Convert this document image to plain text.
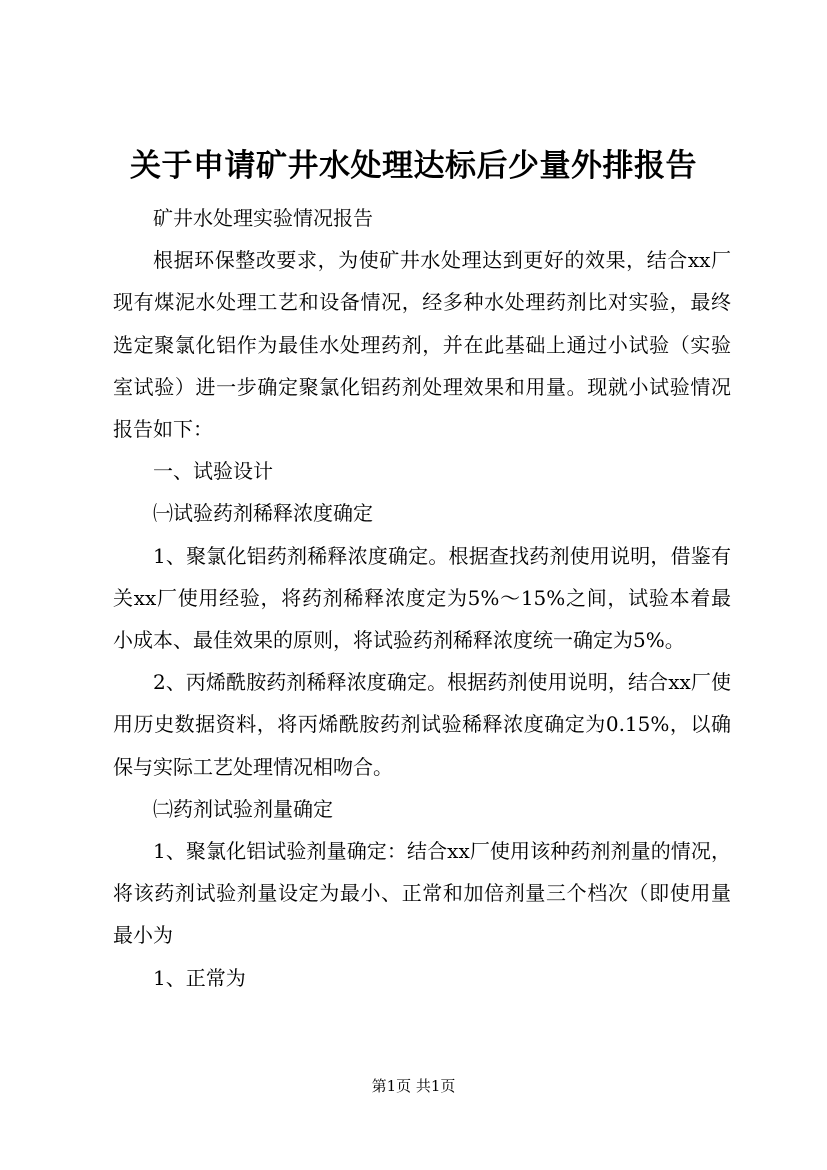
关于申请矿井水处理达标后少量外排报告

矿井水处理实验情况报告

根据环保整改要求，为使矿井水处理达到更好的效果，结合xx厂现有煤泥水处理工艺和设备情况，经多种水处理药剂比对实验，最终选定聚氯化铝作为最佳水处理药剂，并在此基础上通过小试验（实验室试验）进一步确定聚氯化铝药剂处理效果和用量。现就小试验情况报告如下：

一、试验设计

㈠试验药剂稀释浓度确定

1、聚氯化铝药剂稀释浓度确定。根据查找药剂使用说明，借鉴有关xx厂使用经验，将药剂稀释浓度定为5%～15%之间，试验本着最小成本、最佳效果的原则，将试验药剂稀释浓度统一确定为5%。

2、丙烯酰胺药剂稀释浓度确定。根据药剂使用说明，结合xx厂使用历史数据资料，将丙烯酰胺药剂试验稀释浓度确定为0.15%，以确保与实际工艺处理情况相吻合。

㈡药剂试验剂量确定

1、聚氯化铝试验剂量确定：结合xx厂使用该种药剂剂量的情况，将该药剂试验剂量设定为最小、正常和加倍剂量三个档次（即使用量最小为

1、正常为

第1页 共1页
